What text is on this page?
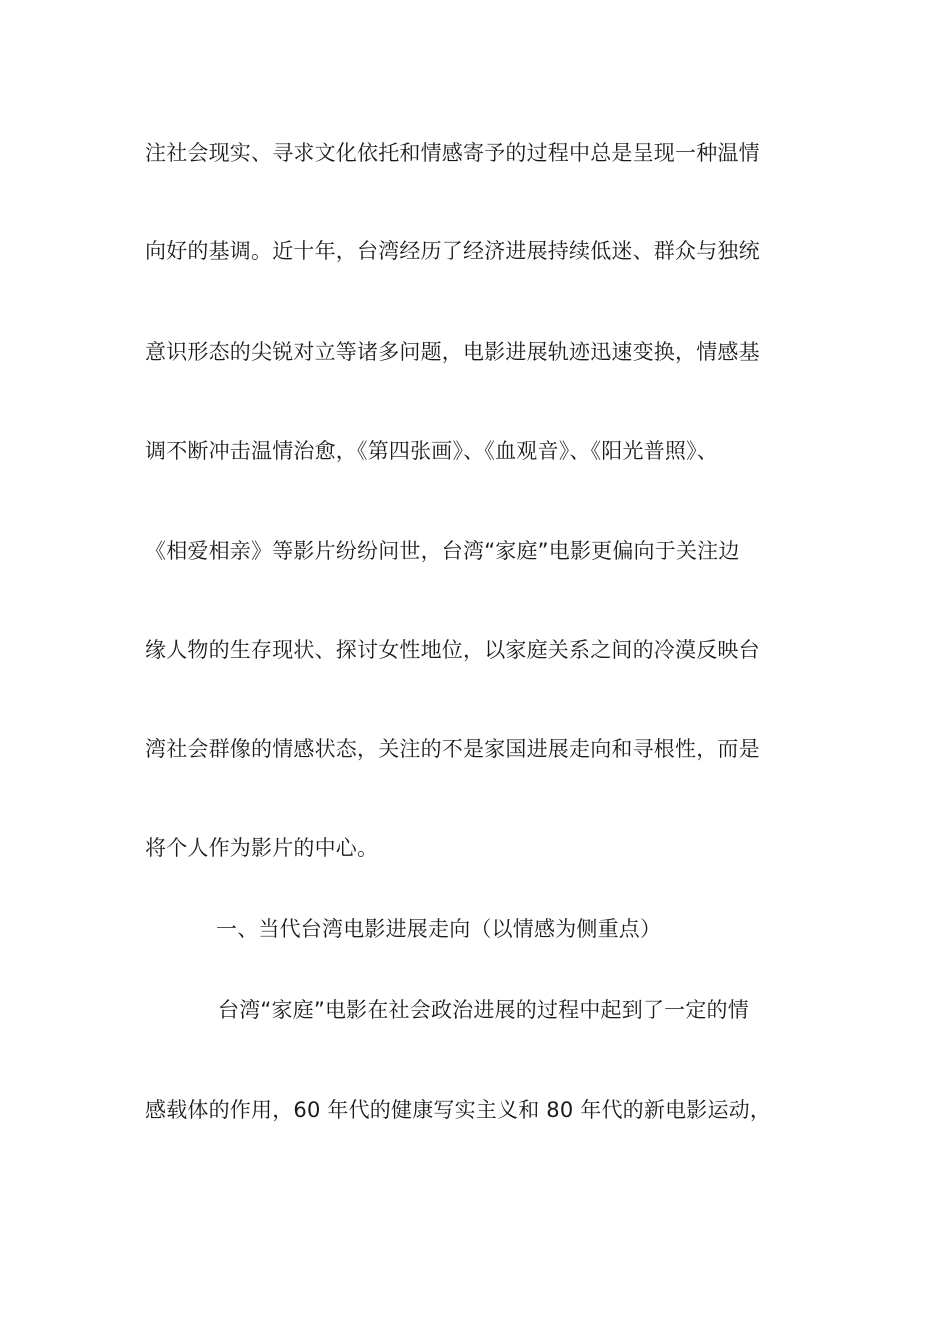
注社会现实、寻求文化依托和情感寄予的过程中总是呈现一种温情
向好的基调。近十年，台湾经历了经济进展持续低迷、群众与独统
意识形态的尖锐对立等诸多问题，电影进展轨迹迅速变换，情感基
调不断冲击温情治愈，《第四张画》、《血观音》、《阳光普照》、
《相爱相亲》等影片纷纷问世，台湾“家庭”电影更偏向于关注边
缘人物的生存现状、探讨女性地位，以家庭关系之间的冷漠反映台
湾社会群像的情感状态，关注的不是家国进展走向和寻根性，而是
将个人作为影片的中心。
一、当代台湾电影进展走向（以情感为侧重点）
台湾“家庭”电影在社会政治进展的过程中起到了一定的情
感载体的作用，60 年代的健康写实主义和 80 年代的新电影运动，
